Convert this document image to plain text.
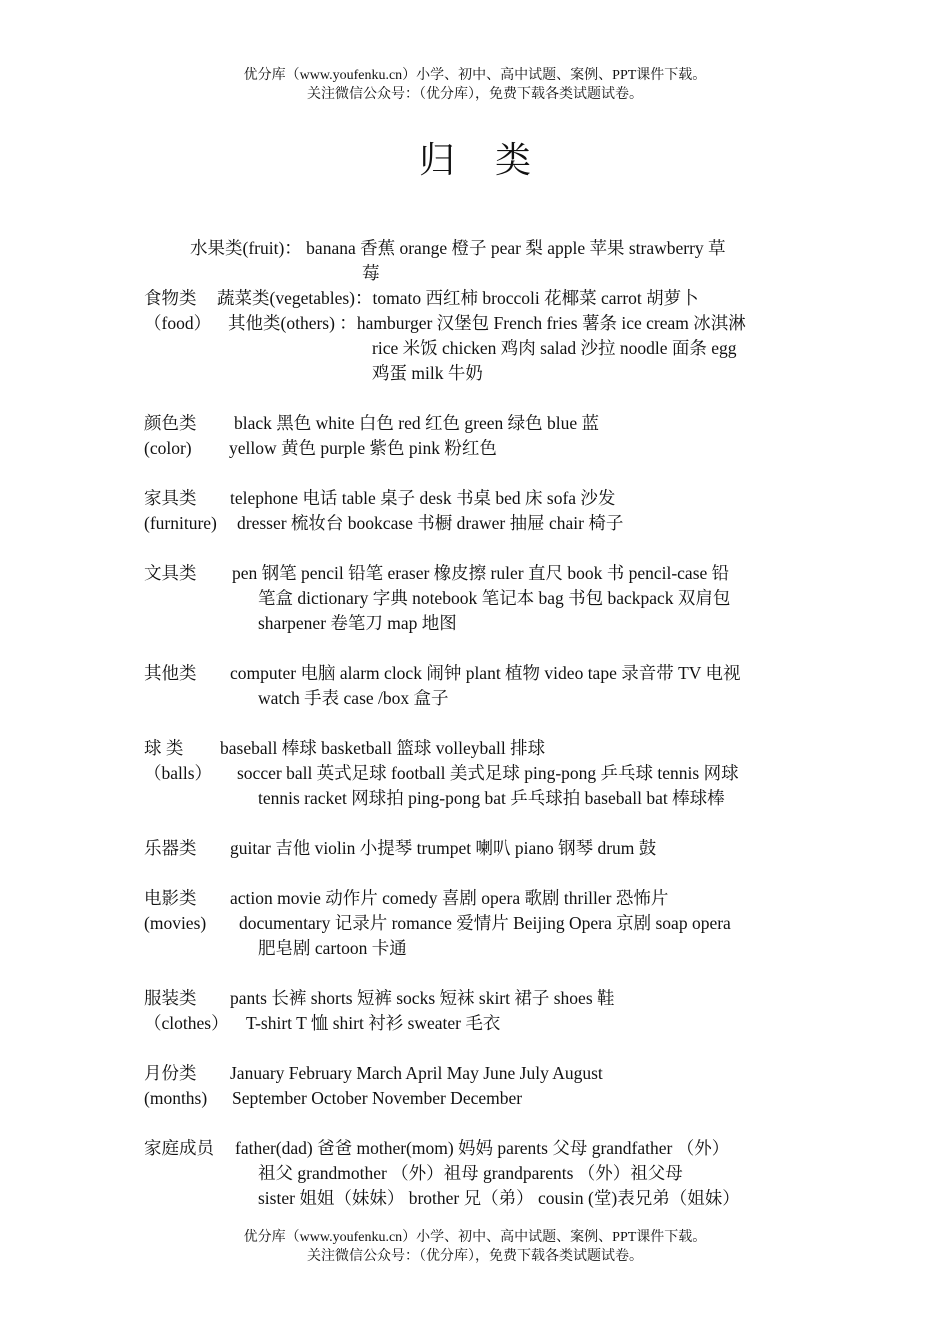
优分库（www.youfenku.cn）小学、初中、高中试题、案例、PPT课件下载。
关注微信公众号：（优分库），免费下载各类试题试卷。
归类
水果类(fruit)： banana 香蕉 orange 橙子 pear 梨 apple 苹果 strawberry 草
莓
食物类 蔬菜类(vegetables)：tomato 西红柿 broccoli 花椰菜 carrot 胡萝卜
（food） 其他类(others) ：hamburger 汉堡包 French fries 薯条 ice cream 冰淇淋
rice 米饭 chicken 鸡肉 salad 沙拉 noodle 面条 egg
鸡蛋 milk 牛奶
颜色类 black 黑色 white 白色 red 红色 green 绿色 blue 蓝
(color) yellow 黄色 purple 紫色 pink 粉红色
家具类 telephone 电话 table 桌子 desk 书桌 bed 床 sofa 沙发
(furniture) dresser 梳妆台 bookcase 书橱 drawer 抽屉 chair 椅子
文具类 pen 钢笔 pencil 铅笔 eraser 橡皮擦 ruler 直尺 book 书 pencil-case 铅
笔盒 dictionary 字典 notebook 笔记本 bag 书包 backpack 双肩包
sharpener 卷笔刀 map 地图
其他类 computer 电脑 alarm clock 闹钟 plant 植物 video tape 录音带 TV 电视
watch 手表 case /box 盒子
球 类 baseball 棒球 basketball 篮球 volleyball 排球
（balls） soccer ball 英式足球 football 美式足球 ping-pong 乒乓球 tennis 网球
tennis racket 网球拍 ping-pong bat 乒乓球拍 baseball bat 棒球棒
乐器类 guitar 吉他 violin 小提琴 trumpet 喇叭 piano 钢琴 drum 鼓
电影类 action movie 动作片 comedy 喜剧 opera 歌剧 thriller 恐怖片
(movies) documentary 记录片 romance 爱情片 Beijing Opera 京剧 soap opera
肥皂剧 cartoon 卡通
服装类 pants 长裤 shorts 短裤 socks 短袜 skirt 裙子 shoes 鞋
（clothes） T-shirt T 恤 shirt 衬衫 sweater 毛衣
月份类 January February March April May June July August
(months) September October November December
家庭成员 father(dad) 爸爸 mother(mom) 妈妈 parents 父母 grandfather （外）
祖父 grandmother （外）祖母 grandparents （外）祖父母
sister 姐姐（妹妹） brother 兄（弟） cousin (堂)表兄弟（姐妹）
优分库（www.youfenku.cn）小学、初中、高中试题、案例、PPT课件下载。
关注微信公众号：（优分库），免费下载各类试题试卷。
